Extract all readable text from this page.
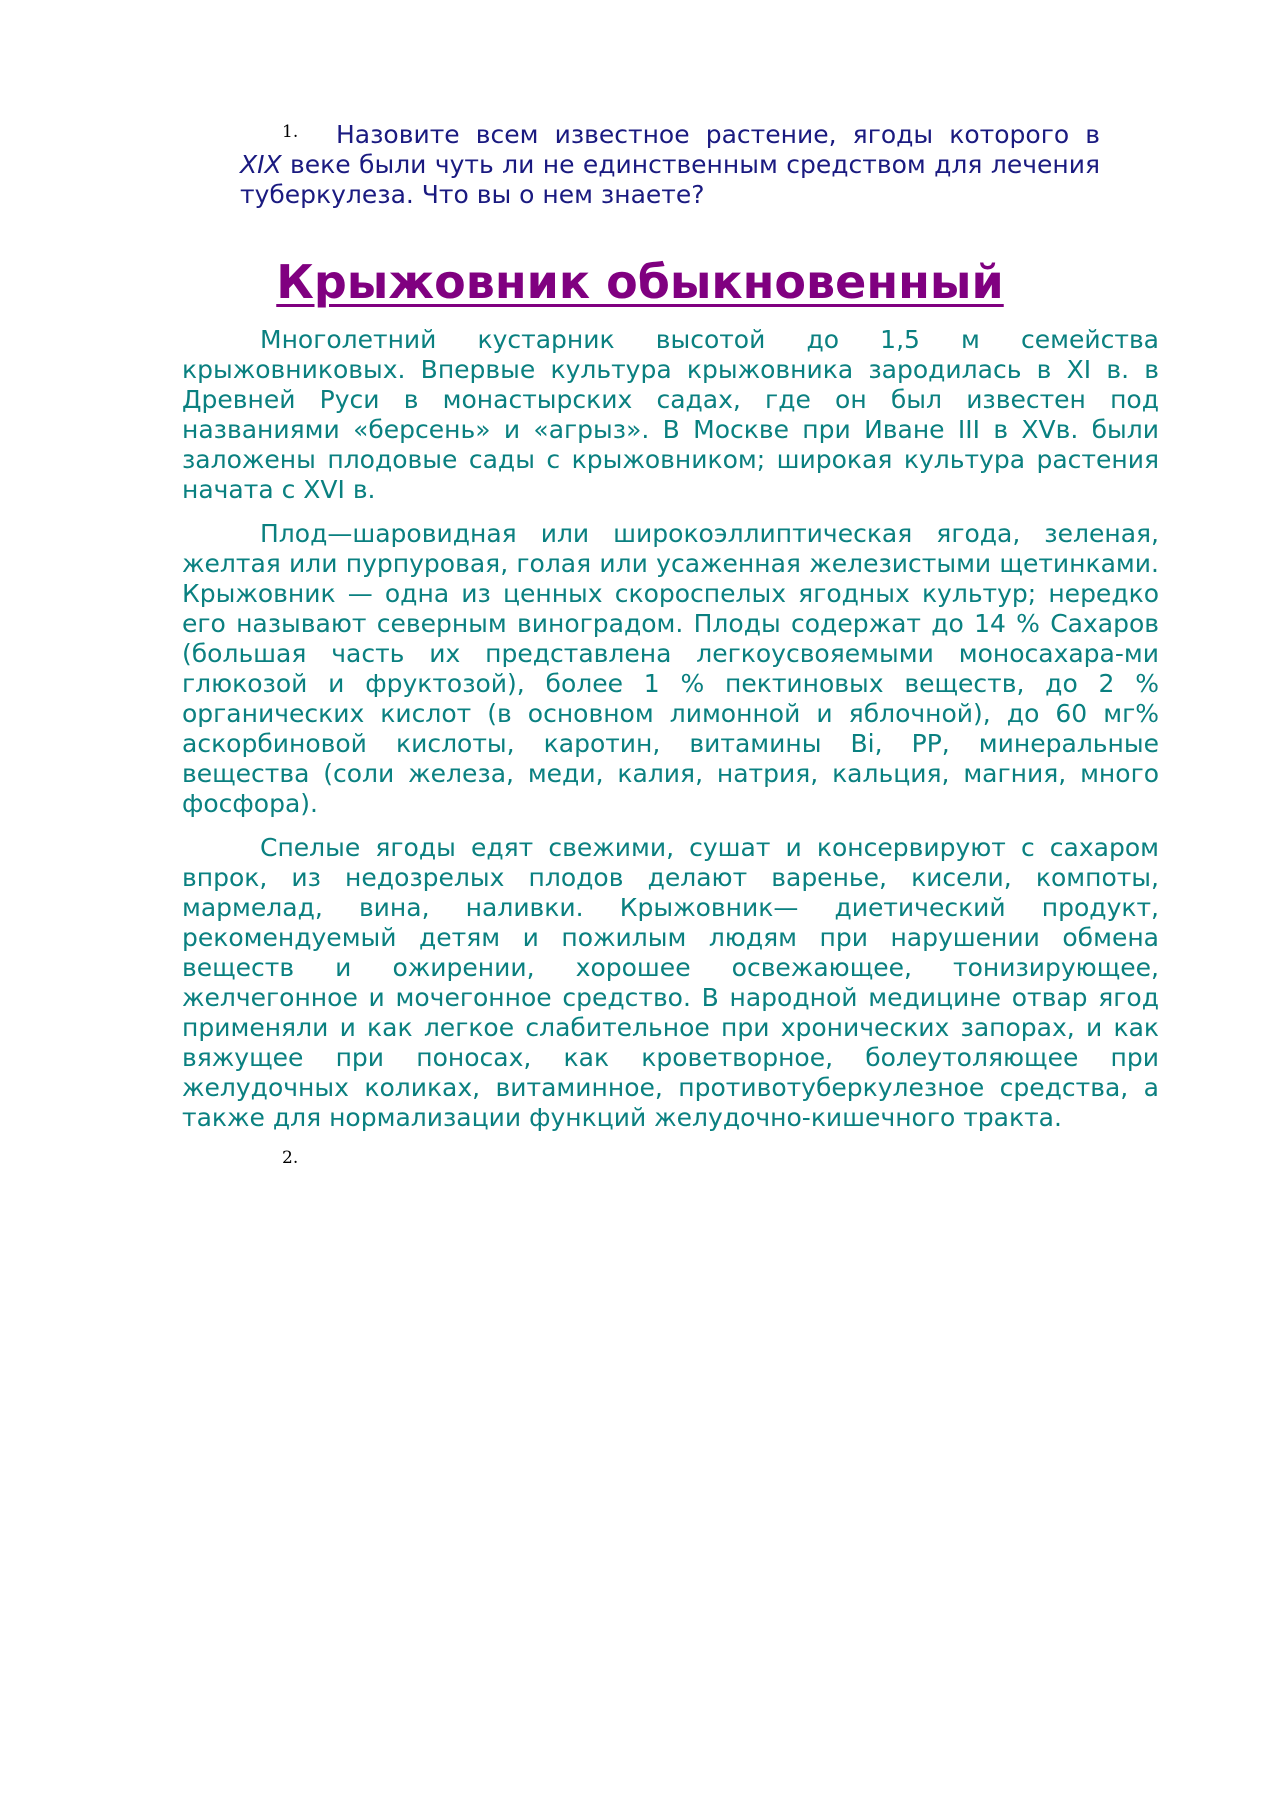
1.	Назовите всем известное растение, ягоды которого в XIX веке были чуть ли не единственным средством для лечения туберкулеза. Что вы о нем знаете?

Крыжовник обыкновенный

Многолетний кустарник высотой до 1,5 м семейства крыжовниковых. Впервые культура крыжовника зародилась в XI в. в Древней Руси в монастырских садах, где он был известен под названиями «берсень» и «агрыз». В Москве при Иване III в XVв. были заложены плодовые сады с крыжовником; широкая культура растения начата с XVI в.

Плод—шаровидная или широкоэллиптическая ягода, зеленая, желтая или пурпуровая, голая или усаженная железистыми щетинками. Крыжовник — одна из ценных скороспелых ягодных культур; нередко его называют северным виноградом. Плоды содержат до 14 % Сахаров (большая часть их представлена легкоусвояемыми моносахара-ми глюкозой и фруктозой), более 1 % пектиновых веществ, до 2 % органических кислот (в основном лимонной и яблочной), до 60 мг% аскорбиновой кислоты, каротин, витамины Bi, PP, минеральные вещества (соли железа, меди, калия, натрия, кальция, магния, много фосфора).

Спелые ягоды едят свежими, сушат и консервируют с сахаром впрок, из недозрелых плодов делают варенье, кисели, компоты, мармелад, вина, наливки. Крыжовник— диетический продукт, рекомендуемый детям и пожилым людям при нарушении обмена веществ и ожирении, хорошее освежающее, тонизирующее, желчегонное и мочегонное средство. В народной медицине отвар ягод применяли и как легкое слабительное при хронических запорах, и как вяжущее при поносах, как кроветворное, болеутоляющее при желудочных коликах, витаминное, противотуберкулезное средства, а также для нормализации функций желудочно-кишечного тракта.

2.
